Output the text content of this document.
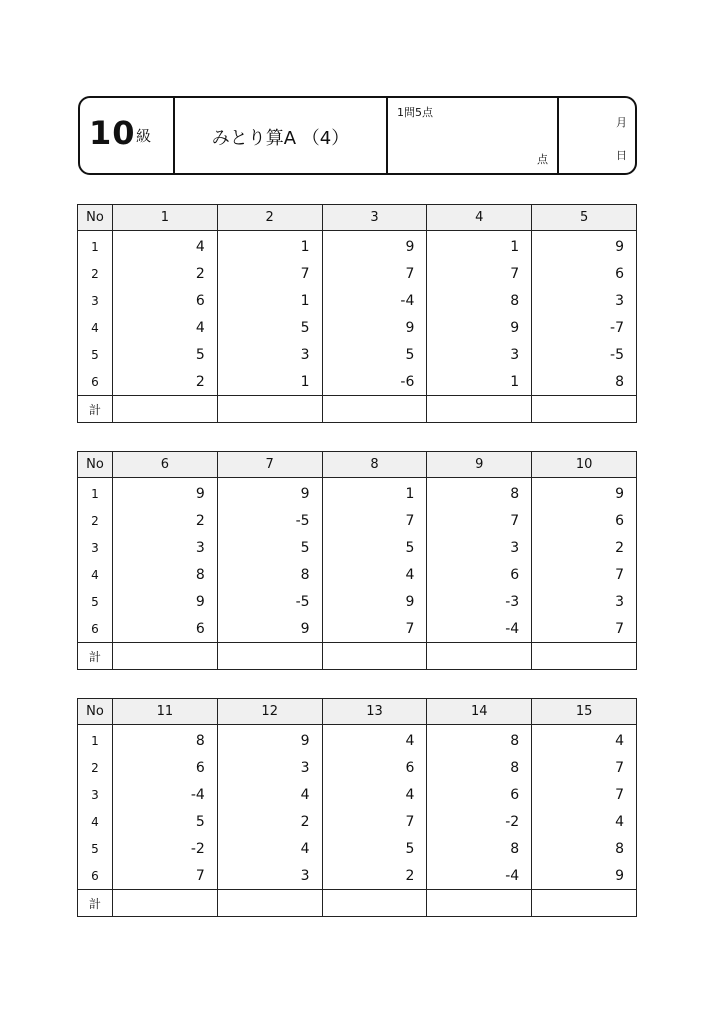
10 級	みとり算A （4）
1問5点
点
月
日
No	1	2	3	4	5
1	4	1	9	1	9
2	2	7	7	7	6
3	6	1	-4	8	3
4	4	5	9	9	-7
5	5	3	5	3	-5
6	2	1	-6	1	8
計					
No	6	7	8	9	10
1	9	9	1	8	9
2	2	-5	7	7	6
3	3	5	5	3	2
4	8	8	4	6	7
5	9	-5	9	-3	3
6	6	9	7	-4	7
計					
No	11	12	13	14	15
1	8	9	4	8	4
2	6	3	6	8	7
3	-4	4	4	6	7
4	5	2	7	-2	4
5	-2	4	5	8	8
6	7	3	2	-4	9
計					
